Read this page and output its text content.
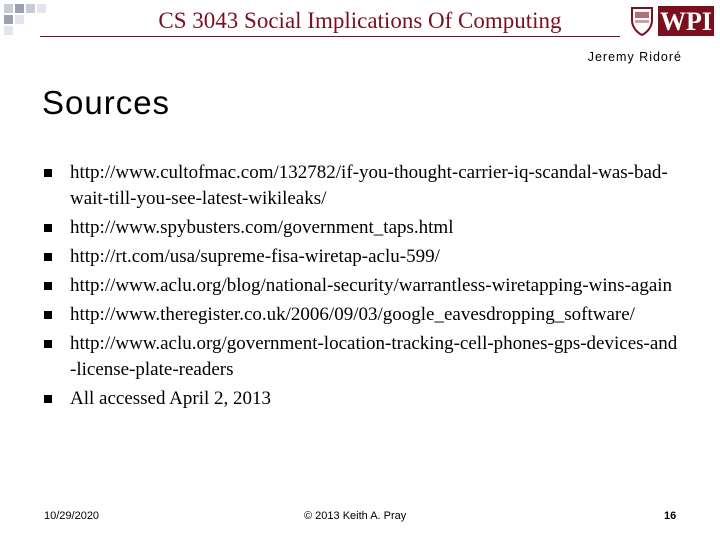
CS 3043 Social Implications Of Computing	WPI
Jeremy Ridoré
Sources
http://www.cultofmac.com/132782/if-you-thought-carrier-iq-scandal-was-bad-wait-till-you-see-latest-wikileaks/
http://www.spybusters.com/government_taps.html
http://rt.com/usa/supreme-fisa-wiretap-aclu-599/
http://www.aclu.org/blog/national-security/warrantless-wiretapping-wins-again
http://www.theregister.co.uk/2006/09/03/google_eavesdropping_software/
http://www.aclu.org/government-location-tracking-cell-phones-gps-devices-and-license-plate-readers
All accessed April 2, 2013
10/29/2020	© 2013 Keith A. Pray	16
